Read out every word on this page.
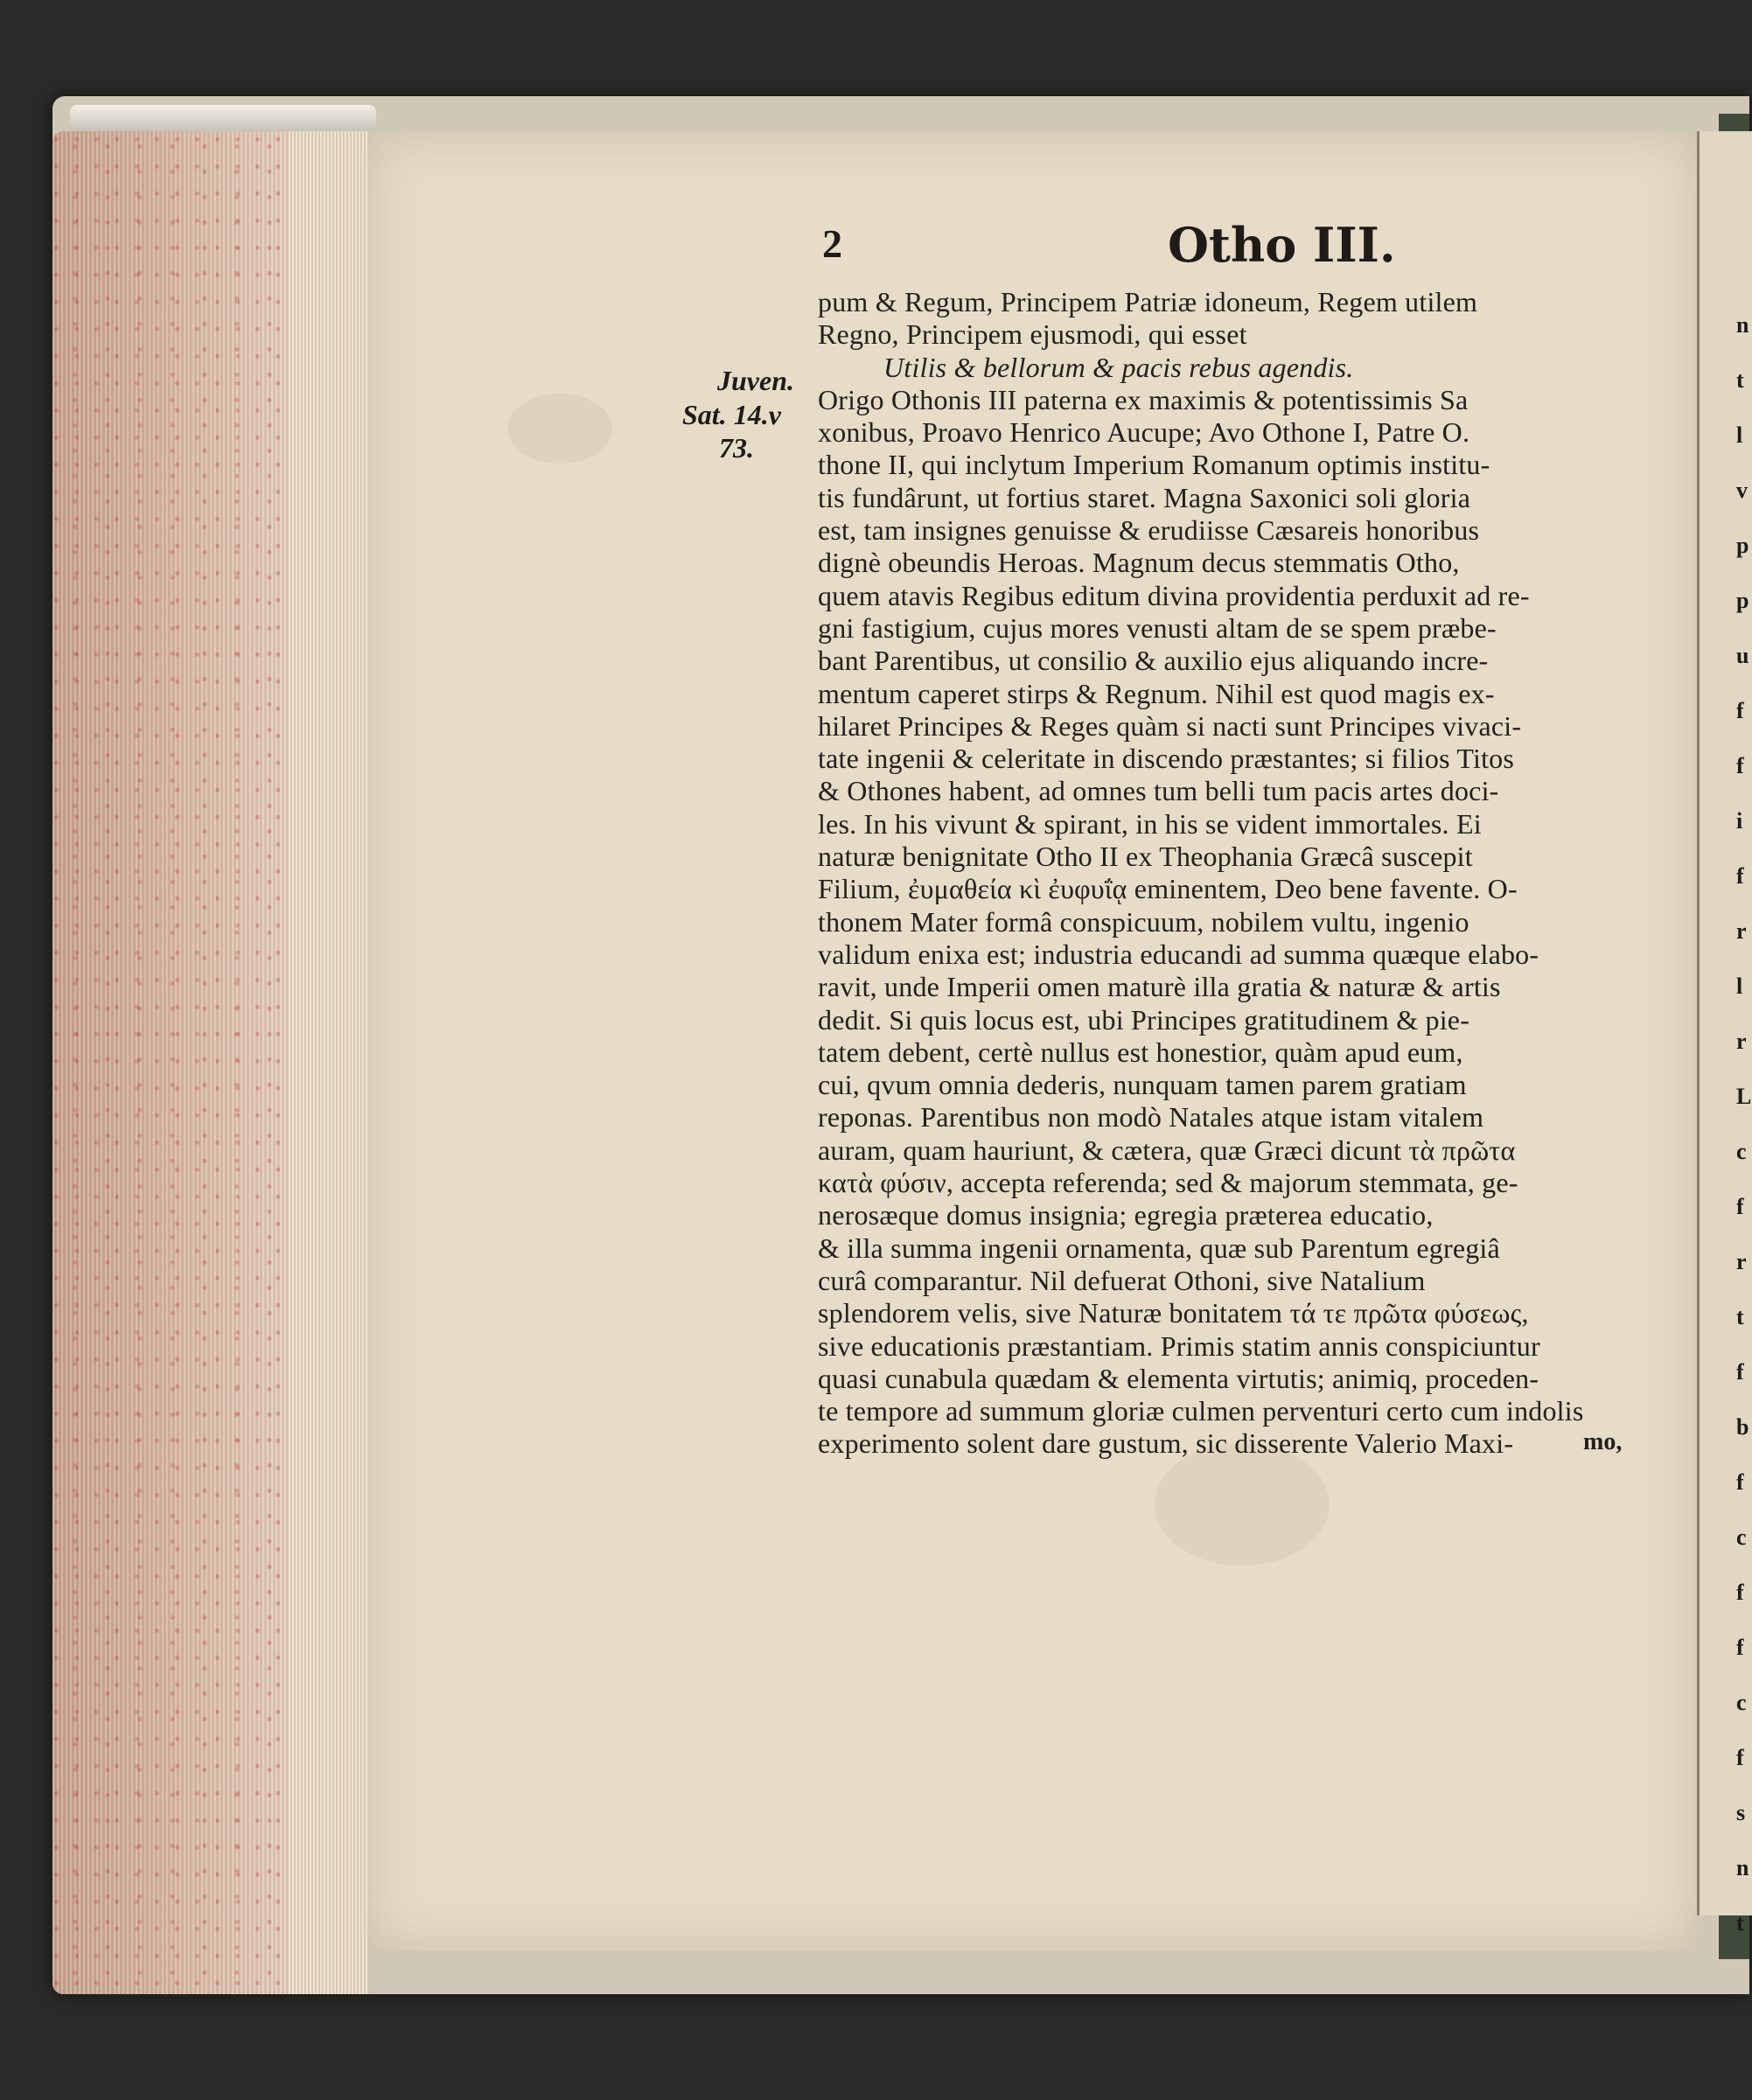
n
t
l
v
p
p
u
f
f
i
f
r
l
r
L
c
f
r
t
f
b
f
c
f
f
c
f
s
n
t
2	Otho III.
Juven.
Sat. 14.v
73.
pum & Regum, Principem Patriæ idoneum, Regem utilem
Regno, Principem ejusmodi, qui esset
Utilis & bellorum & pacis rebus agendis.
Origo Othonis III paterna ex maximis & potentissimis Sa
xonibus, Proavo Henrico Aucupe; Avo Othone I, Patre O.
thone II, qui inclytum Imperium Romanum optimis institu-
tis fundârunt, ut fortius staret. Magna Saxonici soli gloria
est, tam insignes genuisse & erudiisse Cæsareis honoribus
dignè obeundis Heroas. Magnum decus stemmatis Otho,
quem atavis Regibus editum divina providentia perduxit ad re-
gni fastigium, cujus mores venusti altam de se spem præbe-
bant Parentibus, ut consilio & auxilio ejus aliquando incre-
mentum caperet stirps & Regnum. Nihil est quod magis ex-
hilaret Principes & Reges quàm si nacti sunt Principes vivaci-
tate ingenii & celeritate in discendo præstantes; si filios Titos
& Othones habent, ad omnes tum belli tum pacis artes doci-
les. In his vivunt & spirant, in his se vident immortales. Ei
naturæ benignitate Otho II ex Theophania Græcâ suscepit
Filium, ἐυμαθεία κὶ ἐυφυΐᾳ eminentem, Deo bene favente. O-
thonem Mater formâ conspicuum, nobilem vultu, ingenio
validum enixa est; industria educandi ad summa quæque elabo-
ravit, unde Imperii omen maturè illa gratia & naturæ & artis
dedit. Si quis locus est, ubi Principes gratitudinem & pie-
tatem debent, certè nullus est honestior, quàm apud eum,
cui, qvum omnia dederis, nunquam tamen parem gratiam
reponas. Parentibus non modò Natales atque istam vitalem
auram, quam hauriunt, & cætera, quæ Græci dicunt τὰ πρῶτα
κατὰ φύσιν, accepta referenda; sed & majorum stemmata, ge-
nerosæque domus insignia; egregia præterea educatio,
& illa summa ingenii ornamenta, quæ sub Parentum egregiâ
curâ comparantur. Nil defuerat Othoni, sive Natalium
splendorem velis, sive Naturæ bonitatem τά τε πρῶτα φύσεως,
sive educationis præstantiam. Primis statim annis conspiciuntur
quasi cunabula quædam & elementa virtutis; animiq, proceden-
te tempore ad summum gloriæ culmen perventuri certo cum indolis
experimento solent dare gustum, sic disserente Valerio Maxi-	mo,
